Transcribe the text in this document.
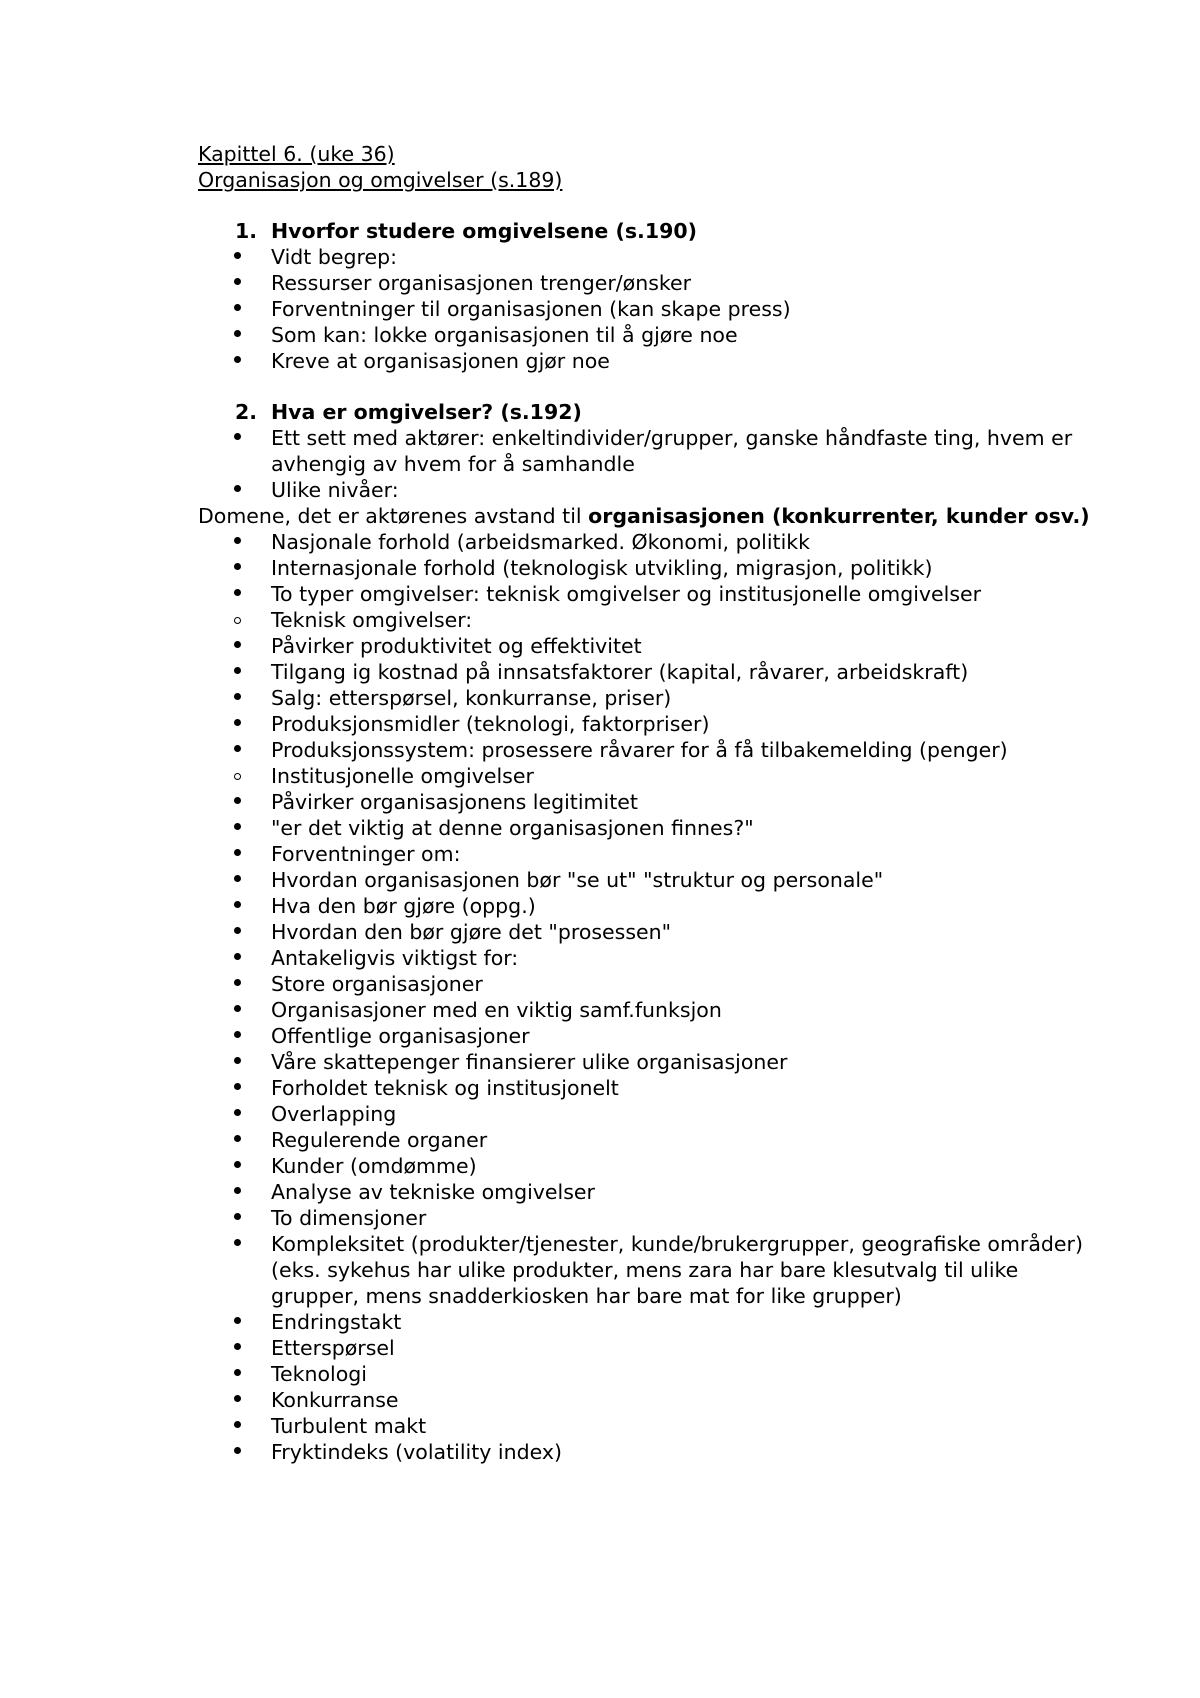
Kapittel 6. (uke 36)
Organisasjon og omgivelser (s.189)
1. Hvorfor studere omgivelsene (s.190)
Vidt begrep:
Ressurser organisasjonen trenger/ønsker
Forventninger til organisasjonen (kan skape press)
Som kan: lokke organisasjonen til å gjøre noe
Kreve at organisasjonen gjør noe
2. Hva er omgivelser? (s.192)
Ett sett med aktører: enkeltindivider/grupper, ganske håndfaste ting, hvem er avhengig av hvem for å samhandle
Ulike nivåer:
Domene, det er aktørenes avstand til organisasjonen (konkurrenter, kunder osv.)
Nasjonale forhold (arbeidsmarked. Økonomi, politikk
Internasjonale forhold (teknologisk utvikling, migrasjon, politikk)
To typer omgivelser: teknisk omgivelser og institusjonelle omgivelser
Teknisk omgivelser:
Påvirker produktivitet og effektivitet
Tilgang ig kostnad på innsatsfaktorer (kapital, råvarer, arbeidskraft)
Salg: etterspørsel, konkurranse, priser)
Produksjonsmidler (teknologi, faktorpriser)
Produksjonssystem: prosessere råvarer for å få tilbakemelding (penger)
Institusjonelle omgivelser
Påvirker organisasjonens legitimitet
"er det viktig at denne organisasjonen finnes?"
Forventninger om:
Hvordan organisasjonen bør "se ut" "struktur og personale"
Hva den bør gjøre (oppg.)
Hvordan den bør gjøre det "prosessen"
Antakeligvis viktigst for:
Store organisasjoner
Organisasjoner med en viktig samf.funksjon
Offentlige organisasjoner
Våre skattepenger finansierer ulike organisasjoner
Forholdet teknisk og institusjonelt
Overlapping
Regulerende organer
Kunder (omdømme)
Analyse av tekniske omgivelser
To dimensjoner
Kompleksitet (produkter/tjenester, kunde/brukergrupper, geografiske områder) (eks. sykehus har ulike produkter, mens zara har bare klesutvalg til ulike grupper, mens snadderkiosken har bare mat for like grupper)
Endringstakt
Etterspørsel
Teknologi
Konkurranse
Turbulent makt
Fryktindeks (volatility index)
